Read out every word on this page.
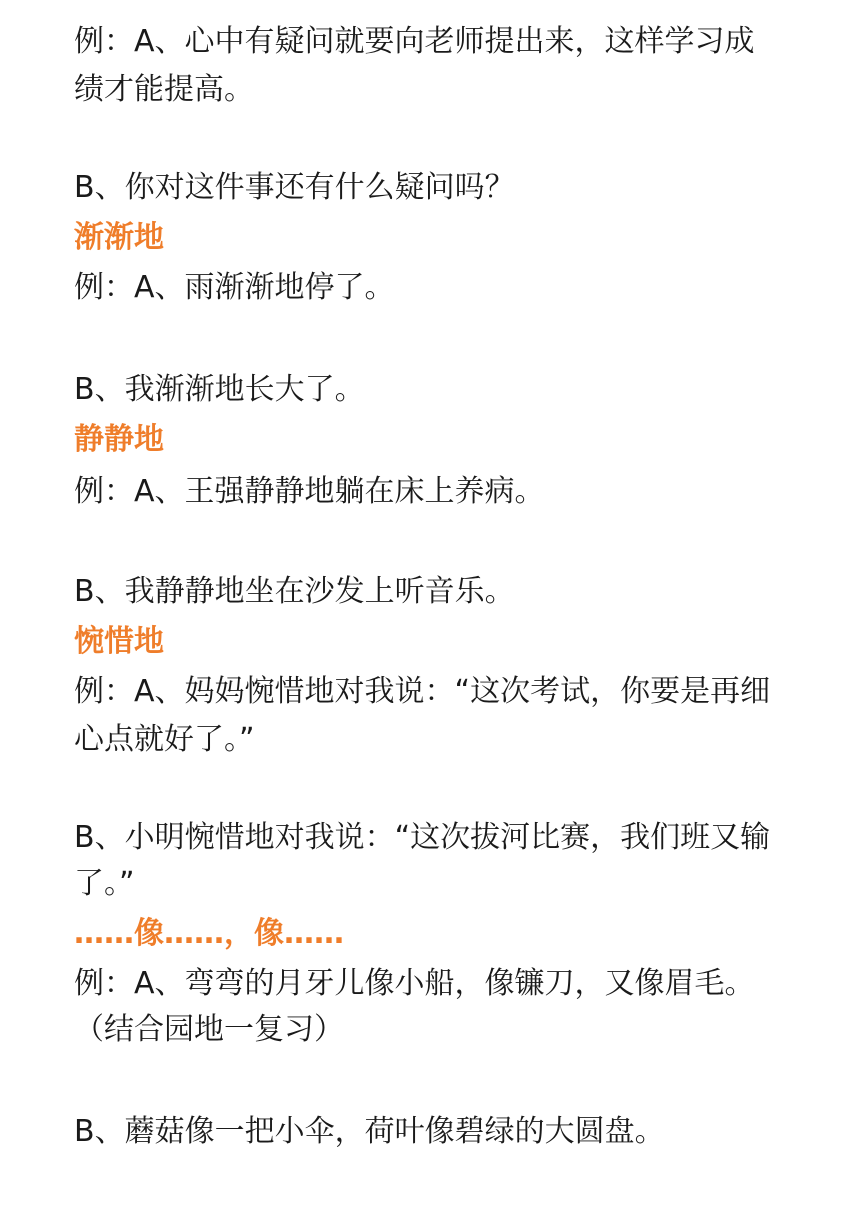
例：A、心中有疑问就要向老师提出来，这样学习成
绩才能提高。
B、你对这件事还有什么疑问吗？
渐渐地
例：A、雨渐渐地停了。
B、我渐渐地长大了。
静静地
例：A、王强静静地躺在床上养病。
B、我静静地坐在沙发上听音乐。
惋惜地
例：A、妈妈惋惜地对我说：“这次考试，你要是再细
心点就好了。”
B、小明惋惜地对我说：“这次拔河比赛，我们班又输
了。”
……像……，像……
例：A、弯弯的月牙儿像小船，像镰刀，又像眉毛。
（结合园地一复习）
B、蘑菇像一把小伞，荷叶像碧绿的大圆盘。
